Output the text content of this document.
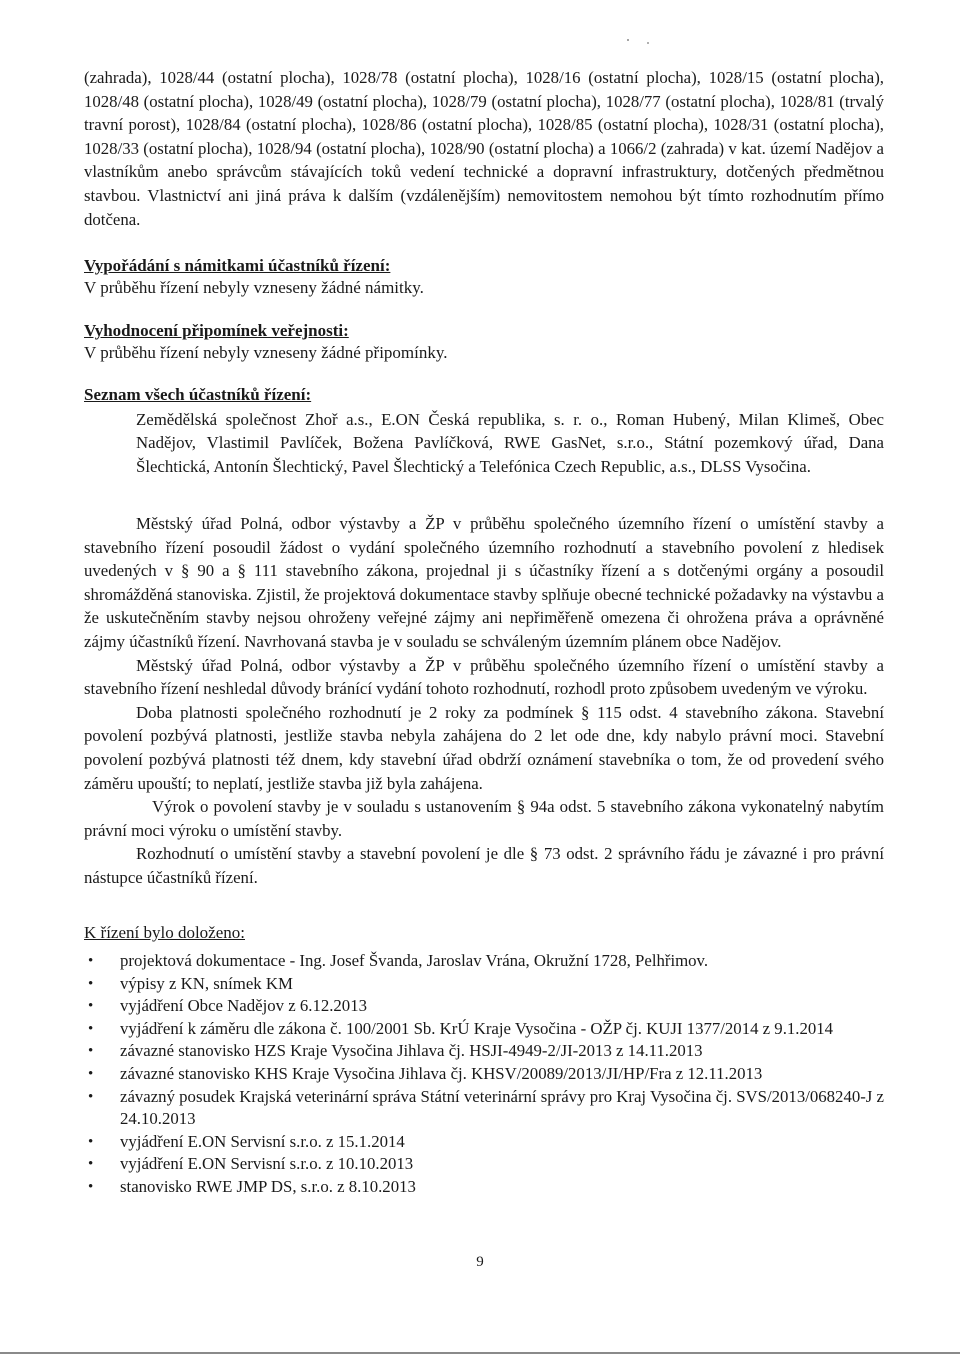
(zahrada), 1028/44 (ostatní plocha), 1028/78 (ostatní plocha), 1028/16 (ostatní plocha), 1028/15 (ostatní plocha), 1028/48 (ostatní plocha), 1028/49 (ostatní plocha), 1028/79 (ostatní plocha), 1028/77 (ostatní plocha), 1028/81 (trvalý travní porost), 1028/84 (ostatní plocha), 1028/86 (ostatní plocha), 1028/85 (ostatní plocha), 1028/31 (ostatní plocha), 1028/33 (ostatní plocha), 1028/94 (ostatní plocha), 1028/90 (ostatní plocha) a 1066/2 (zahrada) v kat. území Nadějov a vlastníkům anebo správcům stávajících toků vedení technické a dopravní infrastruktury, dotčených předmětnou stavbou. Vlastnictví ani jiná práva k dalším (vzdálenějším) nemovitostem nemohou být tímto rozhodnutím přímo dotčena.

Vypořádání s námitkami účastníků řízení:

V průběhu řízení nebyly vzneseny žádné námitky.

Vyhodnocení připomínek veřejnosti:

V průběhu řízení nebyly vzneseny žádné připomínky.

Seznam všech účastníků řízení:

Zemědělská společnost Zhoř a.s., E.ON Česká republika, s. r. o., Roman Hubený, Milan Klimeš, Obec Nadějov, Vlastimil Pavlíček, Božena Pavlíčková, RWE GasNet, s.r.o., Státní pozemkový úřad, Dana Šlechtická, Antonín Šlechtický, Pavel Šlechtický a Telefónica Czech Republic, a.s., DLSS Vysočina.

Městský úřad Polná, odbor výstavby a ŽP v průběhu společného územního řízení o umístění stavby a stavebního řízení posoudil žádost o vydání společného územního rozhodnutí a stavebního povolení z hledisek uvedených v § 90 a § 111 stavebního zákona, projednal ji s účastníky řízení a s dotčenými orgány a posoudil shromážděná stanoviska. Zjistil, že projektová dokumentace stavby splňuje obecné technické požadavky na výstavbu a že uskutečněním stavby nejsou ohroženy veřejné zájmy ani nepřiměřeně omezena či ohrožena práva a oprávněné zájmy účastníků řízení. Navrhovaná stavba je v souladu se schváleným územním plánem obce Nadějov.

Městský úřad Polná, odbor výstavby a ŽP v průběhu společného územního řízení o umístění stavby a stavebního řízení neshledal důvody bránící vydání tohoto rozhodnutí, rozhodl proto způsobem uvedeným ve výroku.

Doba platnosti společného rozhodnutí je 2 roky za podmínek § 115 odst. 4 stavebního zákona. Stavební povolení pozbývá platnosti, jestliže stavba nebyla zahájena do 2 let ode dne, kdy nabylo právní moci. Stavební povolení pozbývá platnosti též dnem, kdy stavební úřad obdrží oznámení stavebníka o tom, že od provedení svého záměru upouští; to neplatí, jestliže stavba již byla zahájena.

Výrok o povolení stavby je v souladu s ustanovením § 94a odst. 5 stavebního zákona vykonatelný nabytím právní moci výroku o umístění stavby.

Rozhodnutí o umístění stavby a stavební povolení je dle § 73 odst. 2 správního řádu je závazné i pro právní nástupce účastníků řízení.

K řízení bylo doloženo:

•	projektová dokumentace - Ing. Josef Švanda, Jaroslav Vrána, Okružní 1728, Pelhřimov.
•	výpisy z KN, snímek KM
•	vyjádření Obce Nadějov z 6.12.2013
•	vyjádření k záměru dle zákona č. 100/2001 Sb. KrÚ Kraje Vysočina - OŽP čj. KUJI 1377/2014 z 9.1.2014
•	závazné stanovisko HZS Kraje Vysočina Jihlava čj. HSJI-4949-2/JI-2013 z 14.11.2013
•	závazné stanovisko KHS Kraje Vysočina Jihlava čj. KHSV/20089/2013/JI/HP/Fra z 12.11.2013
•	závazný posudek Krajská veterinární správa Státní veterinární správy pro Kraj Vysočina čj. SVS/2013/068240-J z 24.10.2013
•	vyjádření E.ON Servisní s.r.o. z 15.1.2014
•	vyjádření E.ON Servisní s.r.o. z 10.10.2013
•	stanovisko RWE JMP DS, s.r.o. z 8.10.2013
9
